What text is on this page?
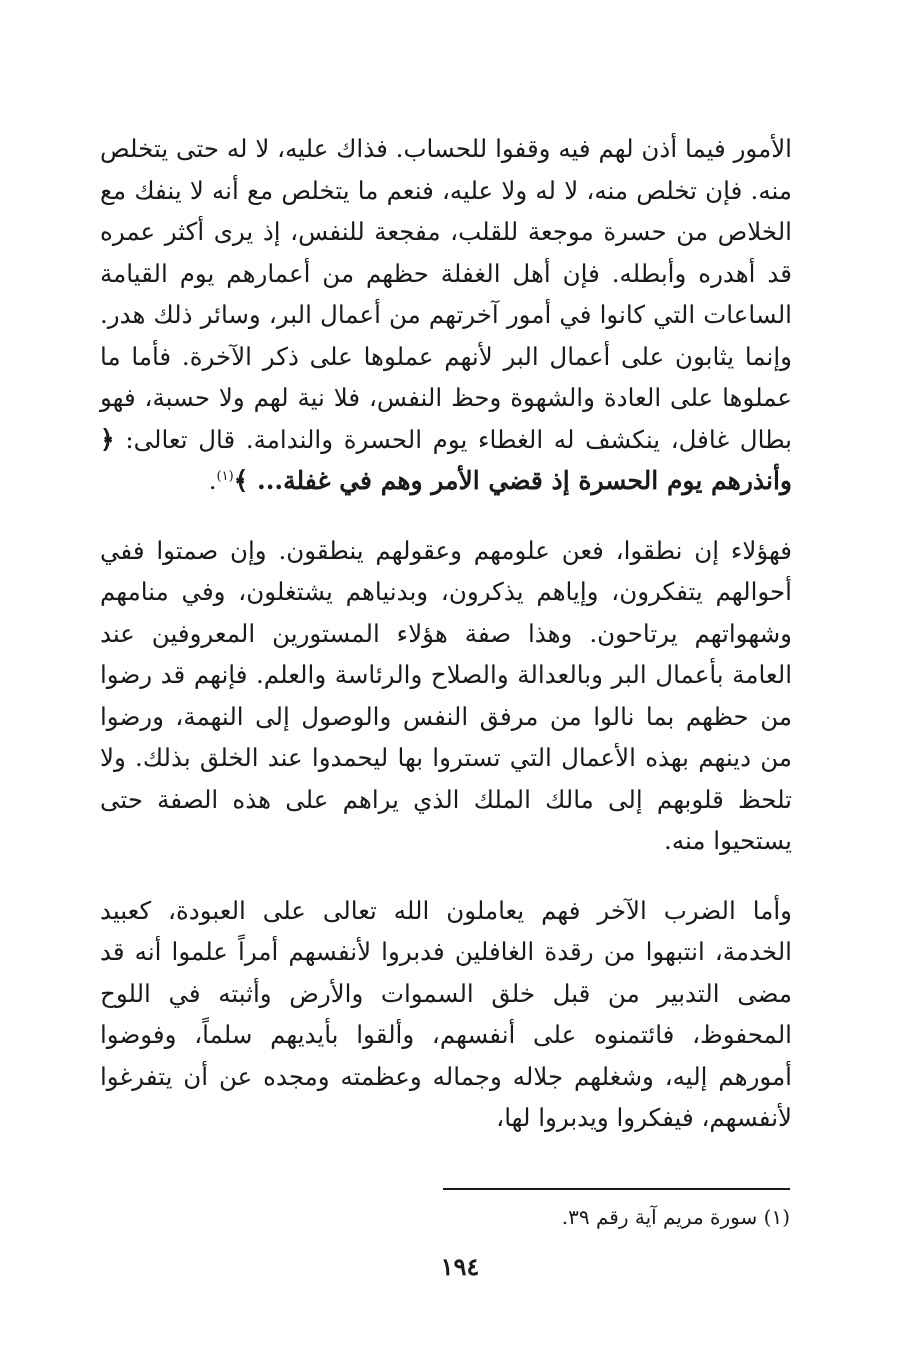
الأمور فيما أذن لهم فيه وقفوا للحساب. فذاك عليه، لا له حتى يتخلص منه. فإن تخلص منه، لا له ولا عليه، فنعم ما يتخلص مع أنه لا ينفك مع الخلاص من حسرة موجعة للقلب، مفجعة للنفس، إذ يرى أكثر عمره قد أهدره وأبطله. فإن أهل الغفلة حظهم من أعمارهم يوم القيامة الساعات التي كانوا في أمور آخرتهم من أعمال البر، وسائر ذلك هدر. وإنما يثابون على أعمال البر لأنهم عملوها على ذكر الآخرة. فأما ما عملوها على العادة والشهوة وحظ النفس، فلا نية لهم ولا حسبة، فهو بطال غافل، ينكشف له الغطاء يوم الحسرة والندامة. قال تعالى: ﴿ وأنذرهم يوم الحسرة إذ قضي الأمر وهم في غفلة... ﴾$^{(١)}$.

فهؤلاء إن نطقوا، فعن علومهم وعقولهم ينطقون. وإن صمتوا ففي أحوالهم يتفكرون، وإياهم يذكرون، وبدنياهم يشتغلون، وفي منامهم وشهواتهم يرتاحون. وهذا صفة هؤلاء المستورين المعروفين عند العامة بأعمال البر وبالعدالة والصلاح والرئاسة والعلم. فإنهم قد رضوا من حظهم بما نالوا من مرفق النفس والوصول إلى النهمة، ورضوا من دينهم بهذه الأعمال التي تستروا بها ليحمدوا عند الخلق بذلك. ولا تلحظ قلوبهم إلى مالك الملك الذي يراهم على هذه الصفة حتى يستحيوا منه.

وأما الضرب الآخر فهم يعاملون الله تعالى على العبودة، كعبيد الخدمة، انتبهوا من رقدة الغافلين فدبروا لأنفسهم أمراً علموا أنه قد مضى التدبير من قبل خلق السموات والأرض وأثبته في اللوح المحفوظ، فائتمنوه على أنفسهم، وألقوا بأيديهم سلماً، وفوضوا أمورهم إليه، وشغلهم جلاله وجماله وعظمته ومجده عن أن يتفرغوا لأنفسهم، فيفكروا ويدبروا لها،

(١) سورة مريم آية رقم ٣٩.

١٩٤
